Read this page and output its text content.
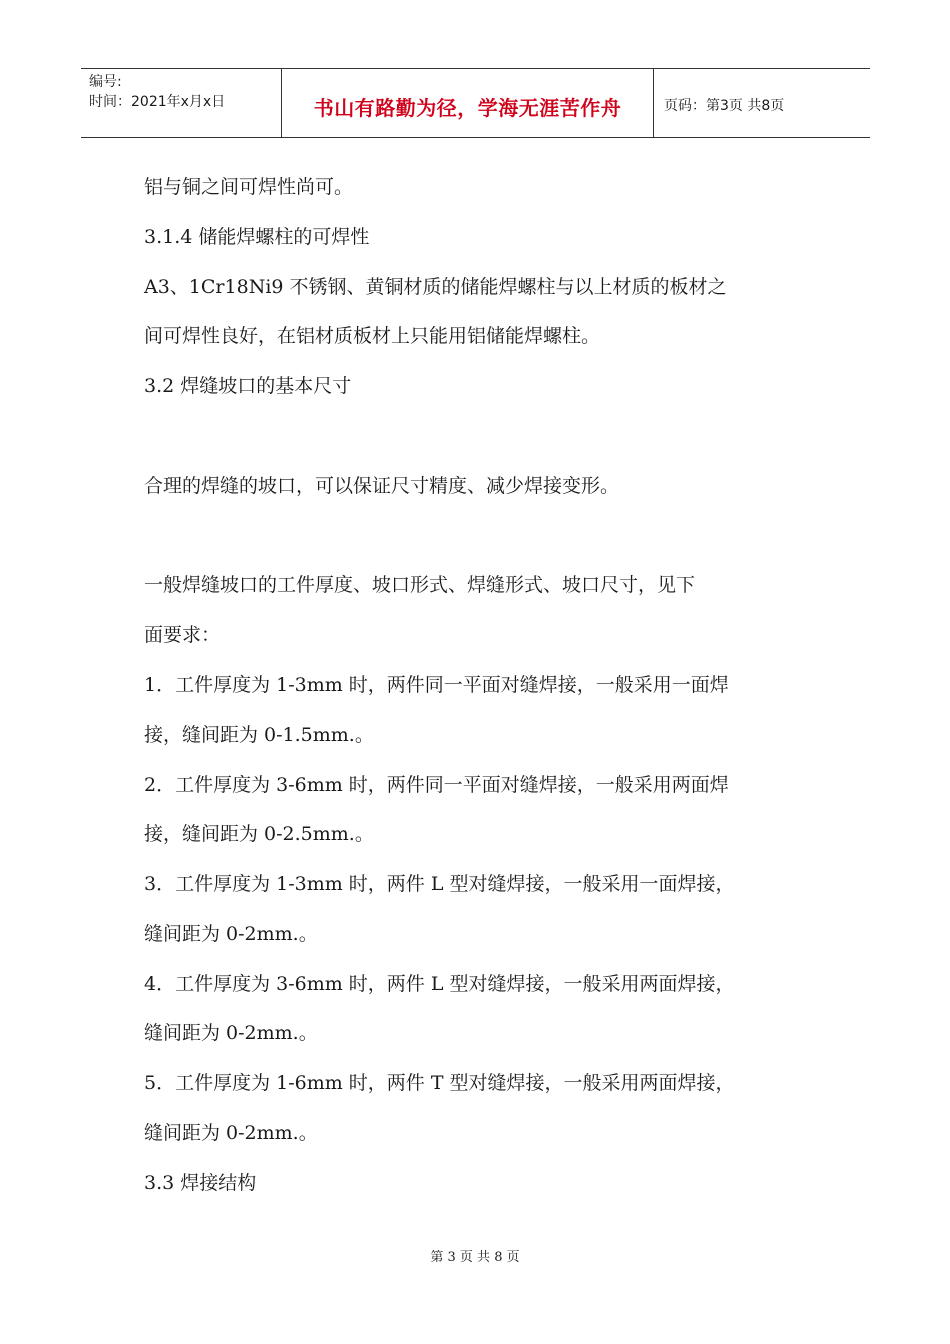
编号:
时间：2021年x月x日	书山有路勤为径，学海无涯苦作舟	页码：第3页 共8页
铝与铜之间可焊性尚可。
3.1.4 储能焊螺柱的可焊性
A3、1Cr18Ni9 不锈钢、黄铜材质的储能焊螺柱与以上材质的板材之
间可焊性良好，在铝材质板材上只能用铝储能焊螺柱。
3.2 焊缝坡口的基本尺寸
合理的焊缝的坡口，可以保证尺寸精度、减少焊接变形。
一般焊缝坡口的工件厚度、坡口形式、焊缝形式、坡口尺寸，见下
面要求：
1．工件厚度为 1-3mm 时，两件同一平面对缝焊接，一般采用一面焊
接，缝间距为 0-1.5mm.。
2．工件厚度为 3-6mm 时，两件同一平面对缝焊接，一般采用两面焊
接，缝间距为 0-2.5mm.。
3．工件厚度为 1-3mm 时，两件 L 型对缝焊接，一般采用一面焊接，
缝间距为 0-2mm.。
4．工件厚度为 3-6mm 时，两件 L 型对缝焊接，一般采用两面焊接，
缝间距为 0-2mm.。
5．工件厚度为 1-6mm 时，两件 T 型对缝焊接，一般采用两面焊接，
缝间距为 0-2mm.。
3.3 焊接结构
第 3 页 共 8 页
